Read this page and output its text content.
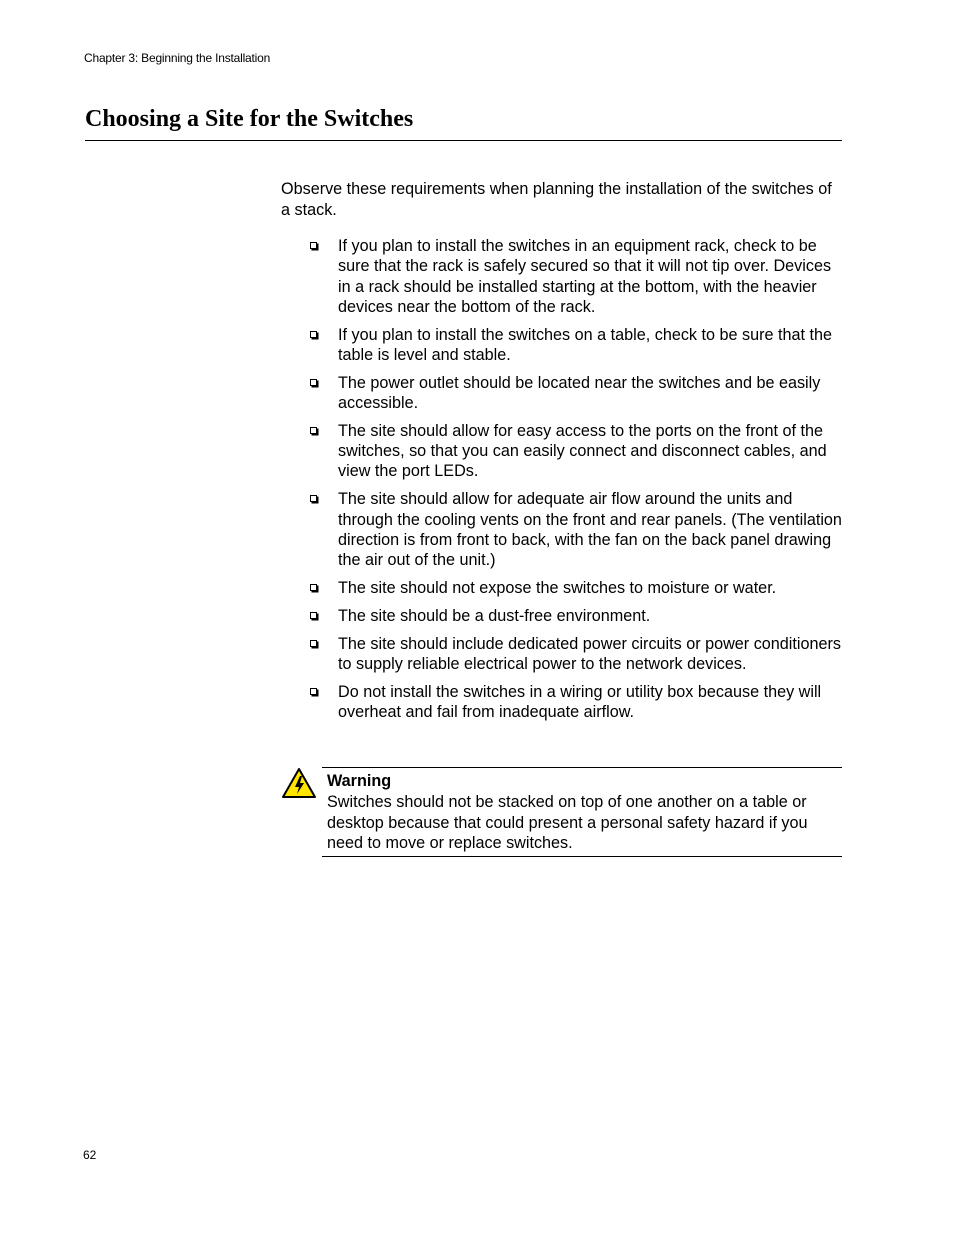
Chapter 3: Beginning the Installation
Choosing a Site for the Switches

Observe these requirements when planning the installation of the switches of a stack.

If you plan to install the switches in an equipment rack, check to be sure that the rack is safely secured so that it will not tip over. Devices in a rack should be installed starting at the bottom, with the heavier devices near the bottom of the rack.
If you plan to install the switches on a table, check to be sure that the table is level and stable.
The power outlet should be located near the switches and be easily accessible.
The site should allow for easy access to the ports on the front of the switches, so that you can easily connect and disconnect cables, and view the port LEDs.
The site should allow for adequate air flow around the units and through the cooling vents on the front and rear panels. (The ventilation direction is from front to back, with the fan on the back panel drawing the air out of the unit.)
The site should not expose the switches to moisture or water.
The site should be a dust-free environment.
The site should include dedicated power circuits or power conditioners to supply reliable electrical power to the network devices.
Do not install the switches in a wiring or utility box because they will overheat and fail from inadequate airflow.
Warning

Switches should not be stacked on top of one another on a table or desktop because that could present a personal safety hazard if you need to move or replace switches.

62
